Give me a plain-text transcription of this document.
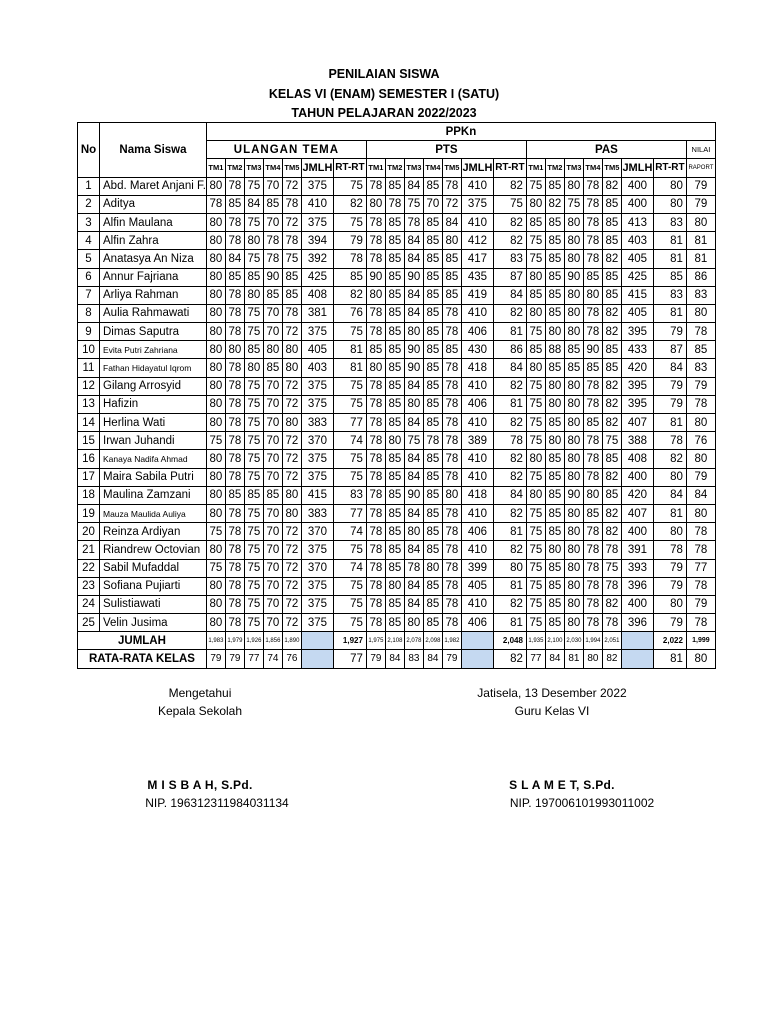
PENILAIAN SISWA
KELAS VI (ENAM) SEMESTER I (SATU)
TAHUN PELAJARAN 2022/2023
No	Nama Siswa	PPKn																					
		ULANGAN TEMA							PTS							PAS							NILAI
		TM1	TM2	TM3	TM4	TM5	JMLH	RT-RT	TM1	TM2	TM3	TM4	TM5	JMLH	RT-RT	TM1	TM2	TM3	TM4	TM5	JMLH	RT-RT	RAPORT
1	Abd. Maret Anjani F.	80	78	75	70	72	375	75	78	85	84	85	78	410	82	75	85	80	78	82	400	80	79
2	Aditya	78	85	84	85	78	410	82	80	78	75	70	72	375	75	80	82	75	78	85	400	80	79
3	Alfin Maulana	80	78	75	70	72	375	75	78	85	78	85	84	410	82	85	85	80	78	85	413	83	80
4	Alfin Zahra	80	78	80	78	78	394	79	78	85	84	85	80	412	82	75	85	80	78	85	403	81	81
5	Anatasya An Niza	80	84	75	78	75	392	78	78	85	84	85	85	417	83	75	85	80	78	82	405	81	81
6	Annur Fajriana	80	85	85	90	85	425	85	90	85	90	85	85	435	87	80	85	90	85	85	425	85	86
7	Arliya Rahman	80	78	80	85	85	408	82	80	85	84	85	85	419	84	85	85	80	80	85	415	83	83
8	Aulia Rahmawati	80	78	75	70	78	381	76	78	85	84	85	78	410	82	80	85	80	78	82	405	81	80
9	Dimas Saputra	80	78	75	70	72	375	75	78	85	80	85	78	406	81	75	80	80	78	82	395	79	78
10	Evita Putri Zahriana	80	80	85	80	80	405	81	85	85	90	85	85	430	86	85	88	85	90	85	433	87	85
11	Fathan Hidayatul Iqrom	80	78	80	85	80	403	81	80	85	90	85	78	418	84	80	85	85	85	85	420	84	83
12	Gilang Arrosyid	80	78	75	70	72	375	75	78	85	84	85	78	410	82	75	80	80	78	82	395	79	79
13	Hafizin	80	78	75	70	72	375	75	78	85	80	85	78	406	81	75	80	80	78	82	395	79	78
14	Herlina Wati	80	78	75	70	80	383	77	78	85	84	85	78	410	82	75	85	80	85	82	407	81	80
15	Irwan Juhandi	75	78	75	70	72	370	74	78	80	75	78	78	389	78	75	80	80	78	75	388	78	76
16	Kanaya Nadifa Ahmad	80	78	75	70	72	375	75	78	85	84	85	78	410	82	80	85	80	78	85	408	82	80
17	Maira Sabila Putri	80	78	75	70	72	375	75	78	85	84	85	78	410	82	75	85	80	78	82	400	80	79
18	Maulina Zamzani	80	85	85	85	80	415	83	78	85	90	85	80	418	84	80	85	90	80	85	420	84	84
19	Mauza Maulida Auliya	80	78	75	70	80	383	77	78	85	84	85	78	410	82	75	85	80	85	82	407	81	80
20	Reinza Ardiyan	75	78	75	70	72	370	74	78	85	80	85	78	406	81	75	85	80	78	82	400	80	78
21	Riandrew Octovian	80	78	75	70	72	375	75	78	85	84	85	78	410	82	75	80	80	78	78	391	78	78
22	Sabil Mufaddal	75	78	75	70	72	370	74	78	85	78	80	78	399	80	75	85	80	78	75	393	79	77
23	Sofiana Pujiarti	80	78	75	70	72	375	75	78	80	84	85	78	405	81	75	85	80	78	78	396	79	78
24	Sulistiawati	80	78	75	70	72	375	75	78	85	84	85	78	410	82	75	85	80	78	82	400	80	79
25	Velin Jusima	80	78	75	70	72	375	75	78	85	80	85	78	406	81	75	85	80	78	78	396	79	78
JUMLAH		1,983	1,979	1,926	1,856	1,890		1,927	1,975	2,108	2,078	2,098	1,982		2,048	1,935	2,100	2,030	1,994	2,051		2,022	1,999
RATA-RATA KELAS		79	79	77	74	76		77	79	84	83	84	79		82	77	84	81	80	82		81	80
Mengetahui
Kepala Sekolah
M I S B A H, S.Pd.
NIP. 196312311984031134
Jatisela, 13 Desember 2022
Guru Kelas VI
S L A M E T, S.Pd.
NIP. 197006101993011002
